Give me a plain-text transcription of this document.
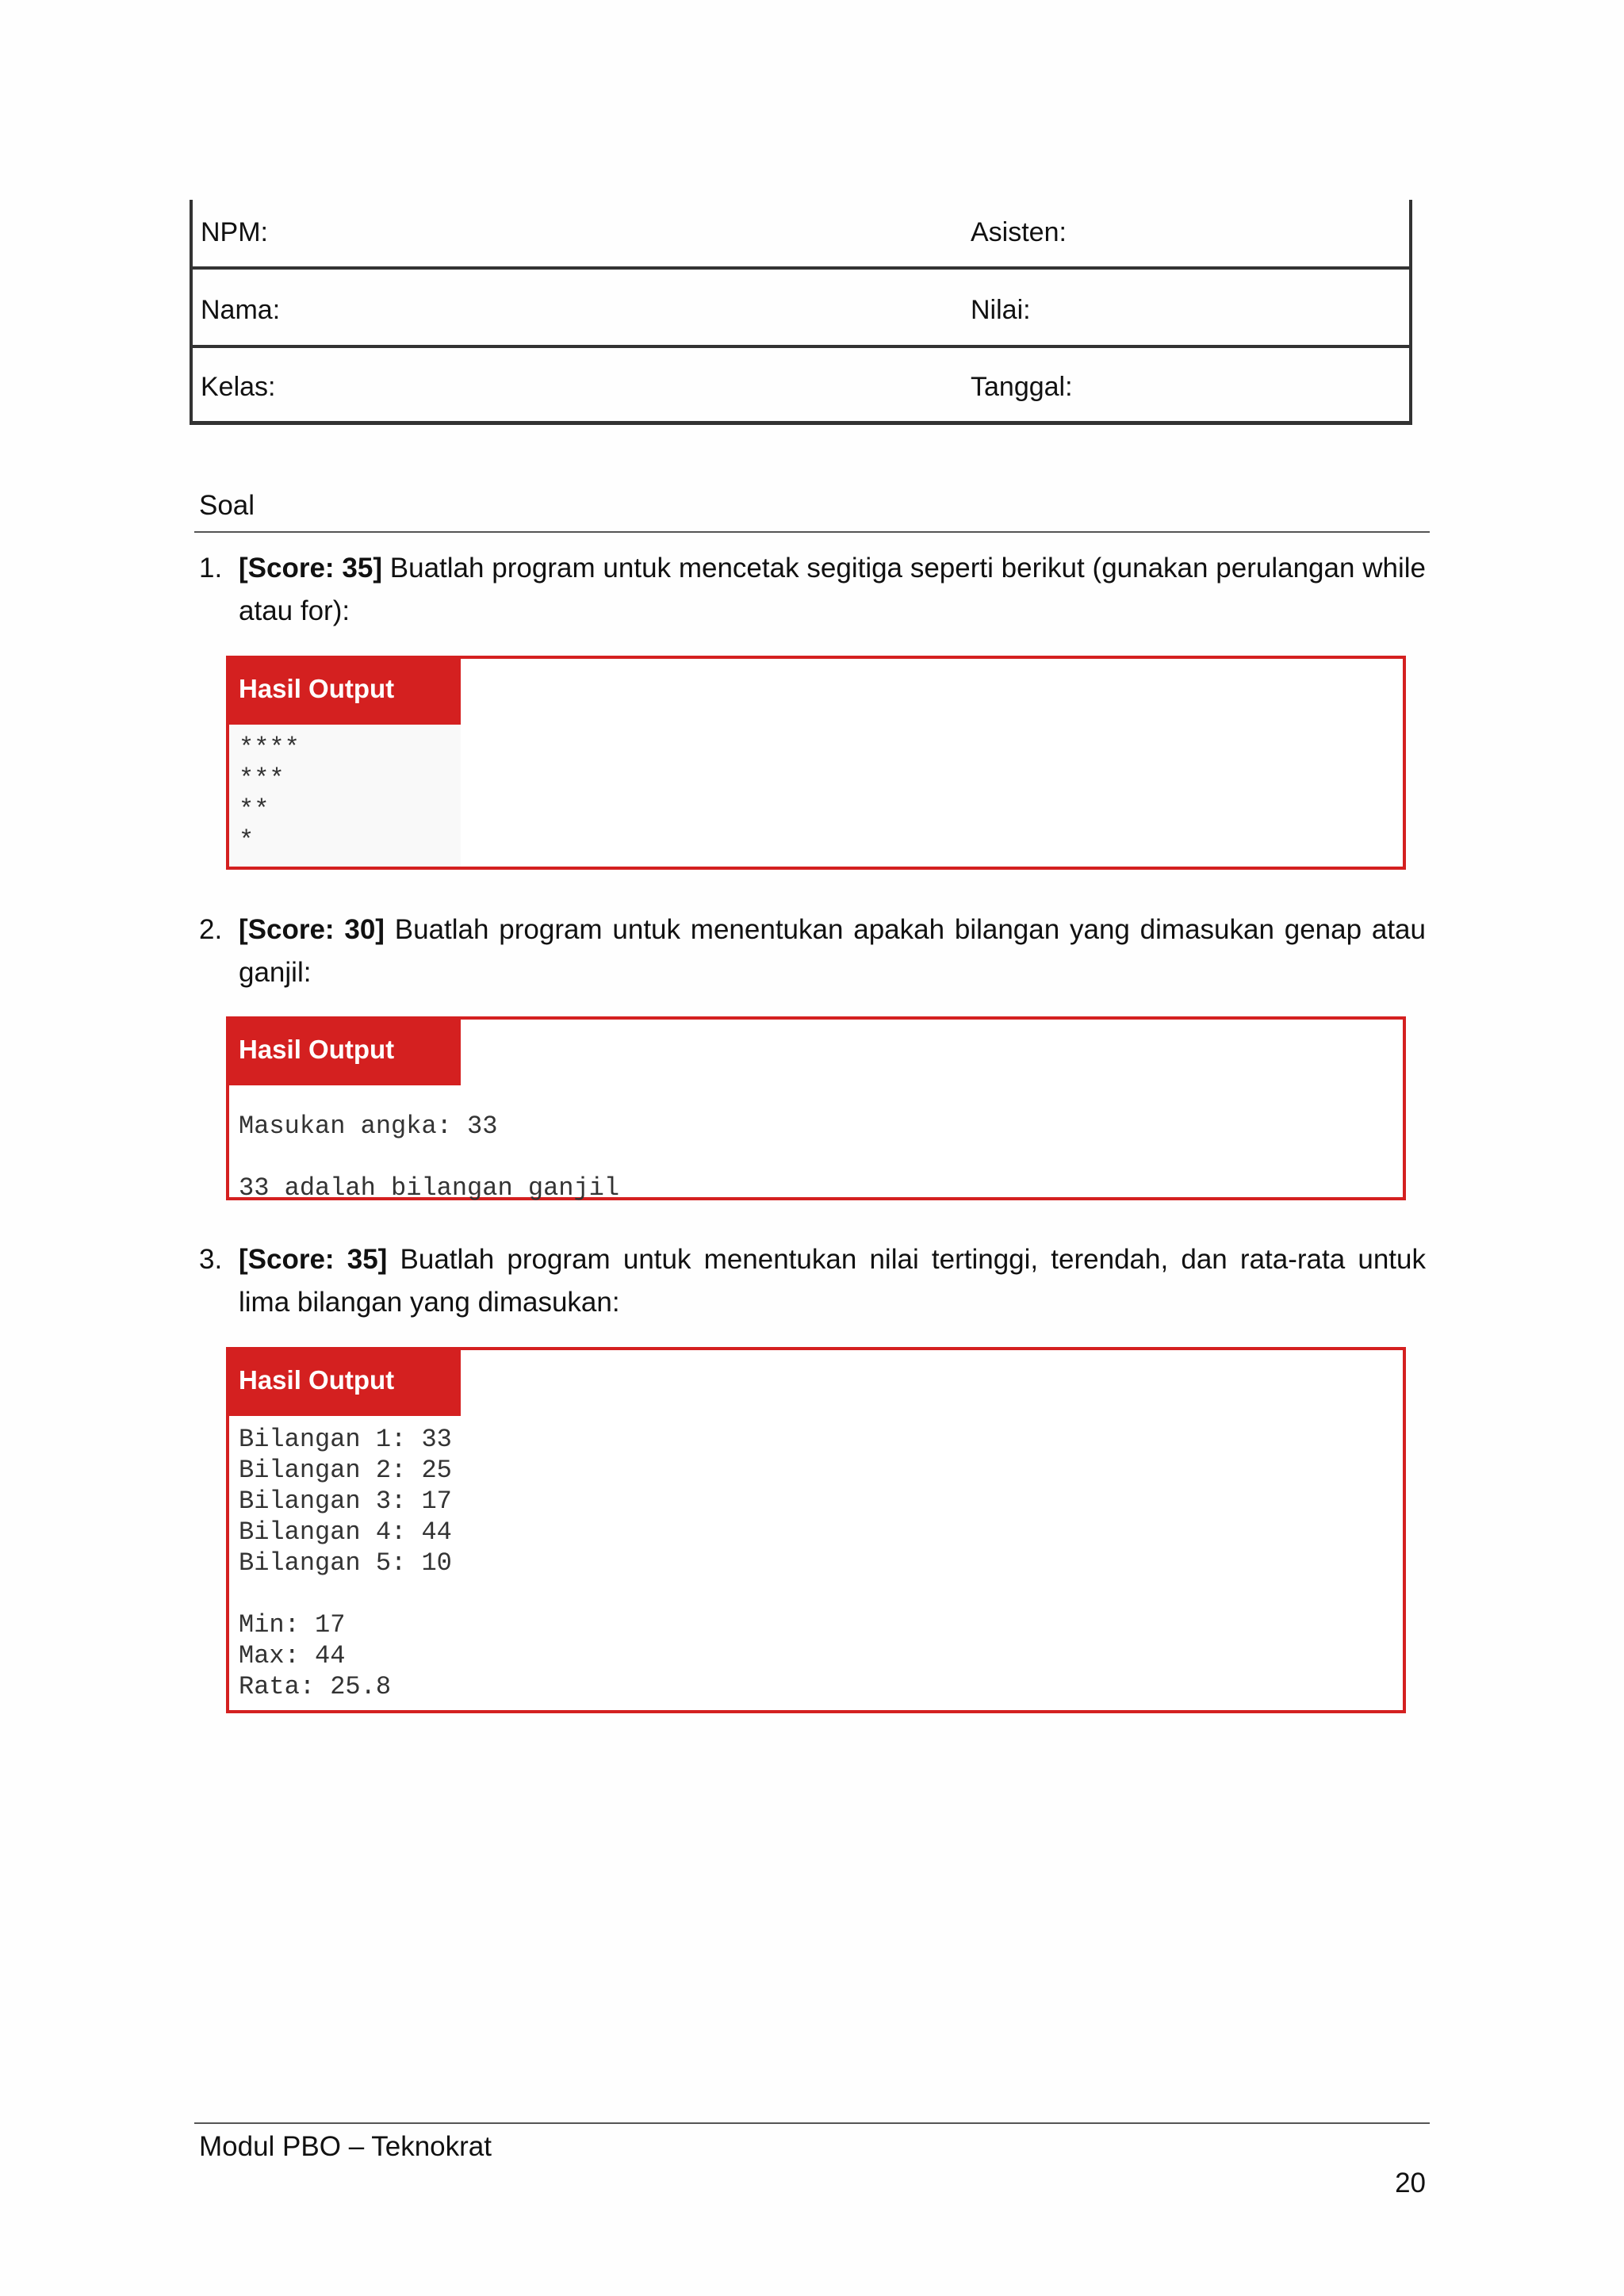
NPM:	Asisten:
Nama:	Nilai:
Kelas:	Tanggal:
Soal
1. [Score: 35] Buatlah program untuk mencetak segitiga seperti berikut (gunakan perulangan while atau for):
Hasil Output
****
***
**
*
2. [Score: 30] Buatlah program untuk menentukan apakah bilangan yang dimasukan genap atau ganjil:
Hasil Output
Masukan angka: 33
33 adalah bilangan ganjil
3. [Score: 35] Buatlah program untuk menentukan nilai tertinggi, terendah, dan rata-rata untuk lima bilangan yang dimasukan:
Hasil Output
Bilangan 1: 33
Bilangan 2: 25
Bilangan 3: 17
Bilangan 4: 44
Bilangan 5: 10

Min: 17
Max: 44
Rata: 25.8
Modul PBO – Teknokrat
20
